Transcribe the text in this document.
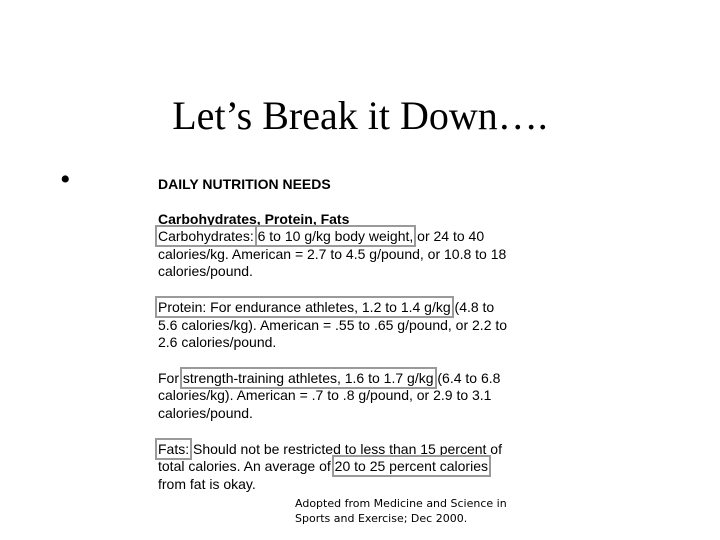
Let’s Break it Down….
•	DAILY NUTRITION NEEDS
Carbohydrates, Protein, Fats
Carbohydrates: 6 to 10 g/kg body weight, or 24 to 40
calories/kg. American = 2.7 to 4.5 g/pound, or 10.8 to 18
calories/pound.
Protein: For endurance athletes, 1.2 to 1.4 g/kg (4.8 to
5.6 calories/kg). American = .55 to .65 g/pound, or 2.2 to
2.6 calories/pound.
For strength-training athletes, 1.6 to 1.7 g/kg (6.4 to 6.8
calories/kg). American = .7 to .8 g/pound, or 2.9 to 3.1
calories/pound.
Fats: Should not be restricted to less than 15 percent of
total calories. An average of 20 to 25 percent calories
from fat is okay.
Adopted from Medicine and Science in
Sports and Exercise; Dec 2000.
